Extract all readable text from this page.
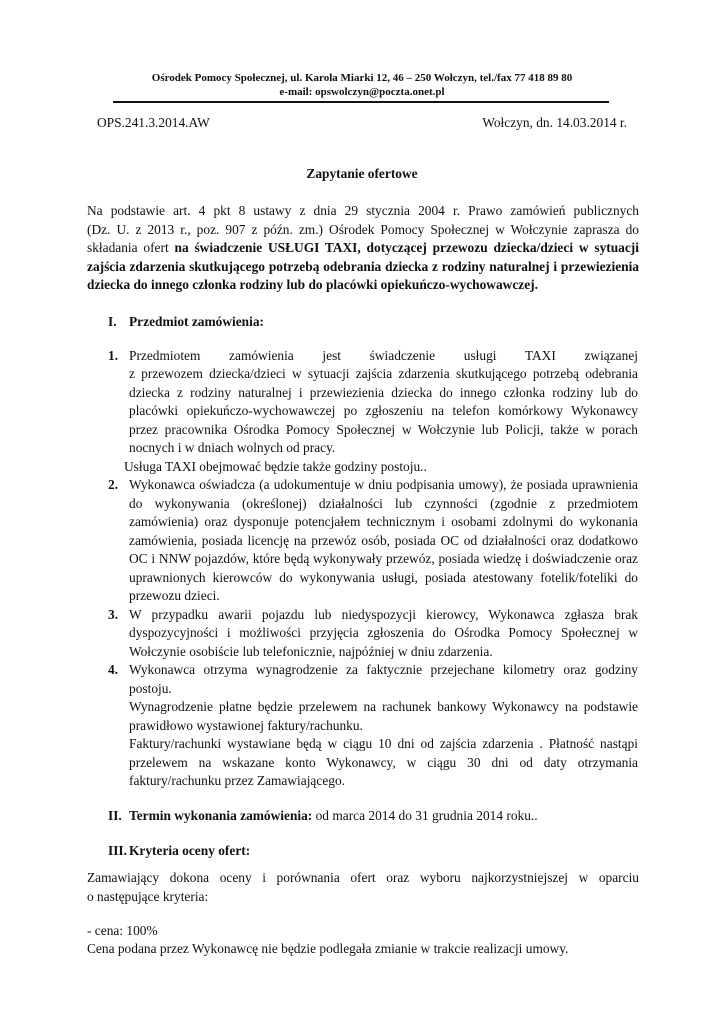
Ośrodek Pomocy Społecznej, ul. Karola Miarki 12, 46 – 250 Wołczyn, tel./fax 77 418 89 80
e-mail: opswolczyn@poczta.onet.pl
OPS.241.3.2014.AW	Wołczyn, dn. 14.03.2014 r.
Zapytanie ofertowe
Na podstawie art. 4 pkt 8 ustawy z dnia 29 stycznia 2004 r. Prawo zamówień publicznych
(Dz. U. z 2013 r., poz. 907 z późn. zm.) Ośrodek Pomocy Społecznej w Wołczynie zaprasza do
składania ofert na świadczenie USŁUGI TAXI, dotyczącej przewozu dziecka/dzieci w sytuacji
zajścia zdarzenia skutkującego potrzebą odebrania dziecka z rodziny naturalnej i przewiezienia
dziecka do innego członka rodziny lub do placówki opiekuńczo-wychowawczej.
I. Przedmiot zamówienia:
1. Przedmiotem zamówienia jest świadczenie usługi TAXI związanej
z przewozem dziecka/dzieci w sytuacji zajścia zdarzenia skutkującego potrzebą odebrania
dziecka z rodziny naturalnej i przewiezienia dziecka do innego członka rodziny lub do
placówki opiekuńczo-wychowawczej po zgłoszeniu na telefon komórkowy Wykonawcy
przez pracownika Ośrodka Pomocy Społecznej w Wołczynie lub Policji, także w porach
nocnych i w dniach wolnych od pracy.
Usługa TAXI obejmować będzie także godziny postoju..
2. Wykonawca oświadcza (a udokumentuje w dniu podpisania umowy), że posiada uprawnienia
do wykonywania (określonej) działalności lub czynności (zgodnie z przedmiotem
zamówienia) oraz dysponuje potencjałem technicznym i osobami zdolnymi do wykonania
zamówienia, posiada licencję na przewóz osób, posiada OC od działalności oraz dodatkowo
OC i NNW pojazdów, które będą wykonywały przewóz, posiada wiedzę i doświadczenie oraz
uprawnionych kierowców do wykonywania usługi, posiada atestowany fotelik/foteliki do
przewozu dzieci.
3. W przypadku awarii pojazdu lub niedyspozycji kierowcy, Wykonawca zgłasza brak
dyspozycyjności i możliwości przyjęcia zgłoszenia do Ośrodka Pomocy Społecznej w
Wołczynie osobiście lub telefonicznie, najpóźniej w dniu zdarzenia.
4. Wykonawca otrzyma wynagrodzenie za faktycznie przejechane kilometry oraz godziny
postoju.
Wynagrodzenie płatne będzie przelewem na rachunek bankowy Wykonawcy na podstawie
prawidłowo wystawionej faktury/rachunku.
Faktury/rachunki wystawiane będą w ciągu 10 dni od zajścia zdarzenia . Płatność nastąpi
przelewem na wskazane konto Wykonawcy, w ciągu 30 dni od daty otrzymania
faktury/rachunku przez Zamawiającego.
II. Termin wykonania zamówienia: od marca 2014 do 31 grudnia 2014 roku..
III. Kryteria oceny ofert:
Zamawiający dokona oceny i porównania ofert oraz wyboru najkorzystniejszej w oparciu
o następujące kryteria:
- cena: 100%
Cena podana przez Wykonawcę nie będzie podlegała zmianie w trakcie realizacji umowy.
